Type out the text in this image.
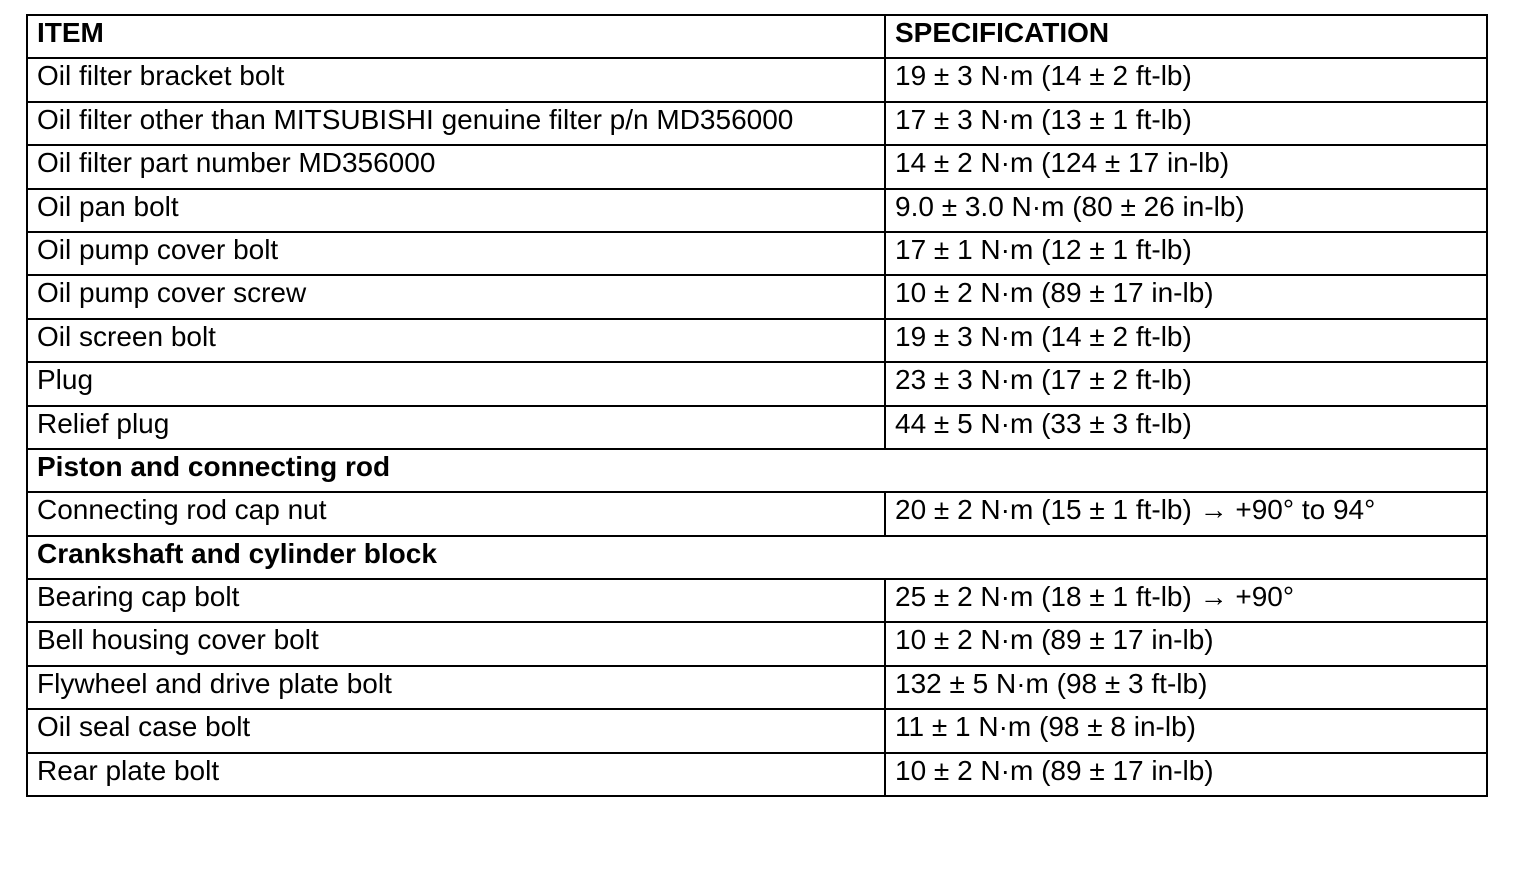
ITEM	SPECIFICATION
Oil filter bracket bolt	19 ± 3 N·m (14 ± 2 ft-lb)
Oil filter other than MITSUBISHI genuine filter p/n MD356000	17 ± 3 N·m (13 ± 1 ft-lb)
Oil filter part number MD356000	14 ± 2 N·m (124 ± 17 in-lb)
Oil pan bolt	9.0 ± 3.0 N·m (80 ± 26 in-lb)
Oil pump cover bolt	17 ± 1 N·m (12 ± 1 ft-lb)
Oil pump cover screw	10 ± 2 N·m (89 ± 17 in-lb)
Oil screen bolt	19 ± 3 N·m (14 ± 2 ft-lb)
Plug	23 ± 3 N·m (17 ± 2 ft-lb)
Relief plug	44 ± 5 N·m (33 ± 3 ft-lb)
Piston and connecting rod	
Connecting rod cap nut	20 ± 2 N·m (15 ± 1 ft-lb) → +90° to 94°
Crankshaft and cylinder block	
Bearing cap bolt	25 ± 2 N·m (18 ± 1 ft-lb) → +90°
Bell housing cover bolt	10 ± 2 N·m (89 ± 17 in-lb)
Flywheel and drive plate bolt	132 ± 5 N·m (98 ± 3 ft-lb)
Oil seal case bolt	11 ± 1 N·m (98 ± 8 in-lb)
Rear plate bolt	10 ± 2 N·m (89 ± 17 in-lb)
